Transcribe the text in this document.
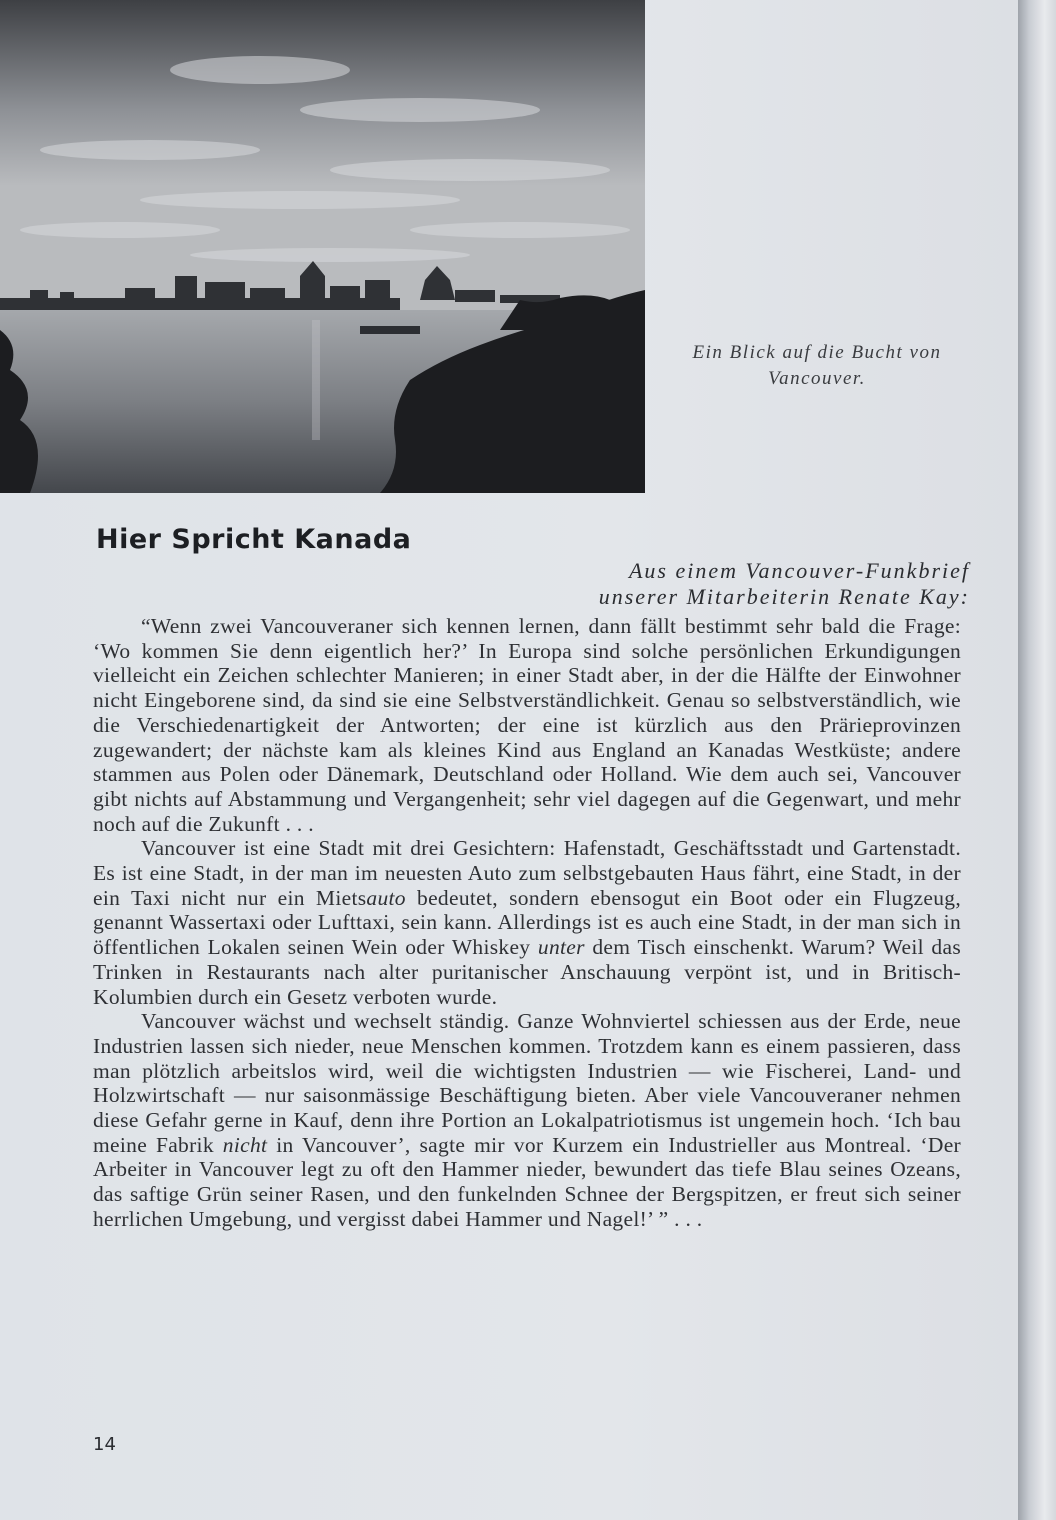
Ein Blick auf die Bucht von Vancouver.
Hier Spricht Kanada
Aus einem Vancouver-Funkbrief
unserer Mitarbeiterin Renate Kay:

“Wenn zwei Vancouveraner sich kennen lernen, dann fällt bestimmt sehr bald die Frage: ‘Wo kommen Sie denn eigentlich her?’ In Europa sind solche persönlichen Erkundigungen vielleicht ein Zeichen schlechter Manieren; in einer Stadt aber, in der die Hälfte der Einwohner nicht Eingeborene sind, da sind sie eine Selbstverständlichkeit. Genau so selbstverständlich, wie die Verschiedenartigkeit der Antworten; der eine ist kürzlich aus den Prärieprovinzen zugewandert; der nächste kam als kleines Kind aus England an Kanadas Westküste; andere stammen aus Polen oder Dänemark, Deutschland oder Holland. Wie dem auch sei, Vancouver gibt nichts auf Abstammung und Vergangenheit; sehr viel dagegen auf die Gegenwart, und mehr noch auf die Zukunft . . .

Vancouver ist eine Stadt mit drei Gesichtern: Hafenstadt, Geschäftsstadt und Gartenstadt. Es ist eine Stadt, in der man im neuesten Auto zum selbstgebauten Haus fährt, eine Stadt, in der ein Taxi nicht nur ein Mietsauto bedeutet, sondern ebensogut ein Boot oder ein Flugzeug, genannt Wassertaxi oder Lufttaxi, sein kann. Allerdings ist es auch eine Stadt, in der man sich in öffentlichen Lokalen seinen Wein oder Whiskey unter dem Tisch einschenkt. Warum? Weil das Trinken in Restaurants nach alter puritanischer Anschauung verpönt ist, und in Britisch-Kolumbien durch ein Gesetz verboten wurde.

Vancouver wächst und wechselt ständig. Ganze Wohnviertel schiessen aus der Erde, neue Industrien lassen sich nieder, neue Menschen kommen. Trotzdem kann es einem passieren, dass man plötzlich arbeitslos wird, weil die wichtigsten Industrien — wie Fischerei, Land- und Holzwirtschaft — nur saisonmässige Beschäftigung bieten. Aber viele Vancouveraner nehmen diese Gefahr gerne in Kauf, denn ihre Portion an Lokalpatriotismus ist ungemein hoch. ‘Ich bau meine Fabrik nicht in Vancouver’, sagte mir vor Kurzem ein Industrieller aus Montreal. ‘Der Arbeiter in Vancouver legt zu oft den Hammer nieder, bewundert das tiefe Blau seines Ozeans, das saftige Grün seiner Rasen, und den funkelnden Schnee der Bergspitzen, er freut sich seiner herrlichen Umgebung, und vergisst dabei Hammer und Nagel!’ ” . . .

14
